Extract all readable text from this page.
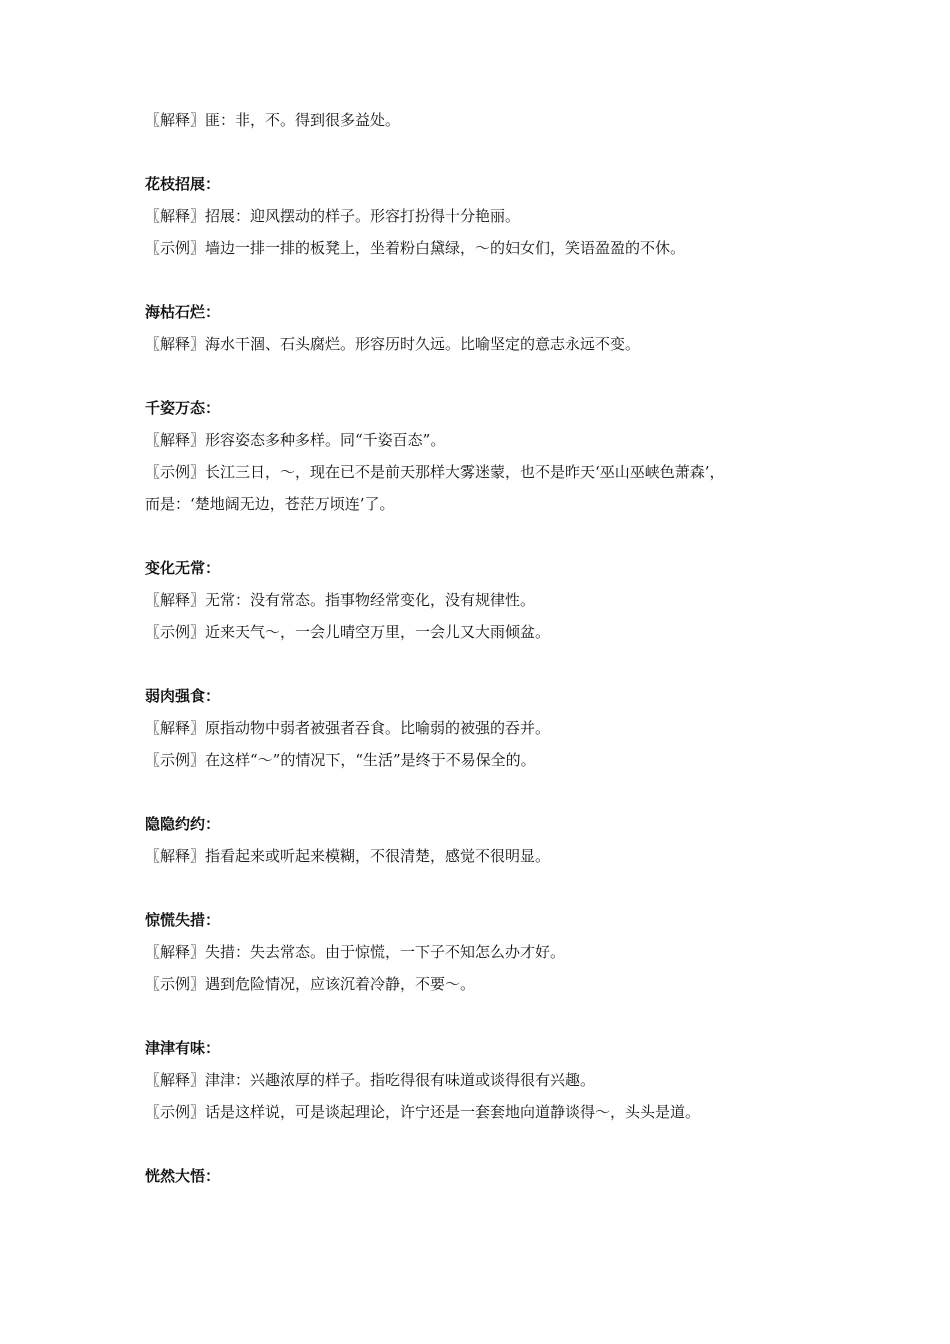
〖解释〗匪：非，不。得到很多益处。
花枝招展：
〖解释〗招展：迎风摆动的样子。形容打扮得十分艳丽。
〖示例〗墙边一排一排的板凳上，坐着粉白黛绿，～的妇女们，笑语盈盈的不休。
海枯石烂：
〖解释〗海水干涸、石头腐烂。形容历时久远。比喻坚定的意志永远不变。
千姿万态：
〖解释〗形容姿态多种多样。同“千姿百态”。
〖示例〗长江三日，～，现在已不是前天那样大雾迷蒙，也不是昨天‘巫山巫峡色萧森’，
而是：‘楚地阔无边，苍茫万顷连’了。
变化无常：
〖解释〗无常：没有常态。指事物经常变化，没有规律性。
〖示例〗近来天气～，一会儿晴空万里，一会儿又大雨倾盆。
弱肉强食：
〖解释〗原指动物中弱者被强者吞食。比喻弱的被强的吞并。
〖示例〗在这样“～”的情况下，“生活”是终于不易保全的。
隐隐约约：
〖解释〗指看起来或听起来模糊，不很清楚，感觉不很明显。
惊慌失措：
〖解释〗失措：失去常态。由于惊慌，一下子不知怎么办才好。
〖示例〗遇到危险情况，应该沉着冷静，不要～。
津津有味：
〖解释〗津津：兴趣浓厚的样子。指吃得很有味道或谈得很有兴趣。
〖示例〗话是这样说，可是谈起理论，许宁还是一套套地向道静谈得～，头头是道。
恍然大悟：
